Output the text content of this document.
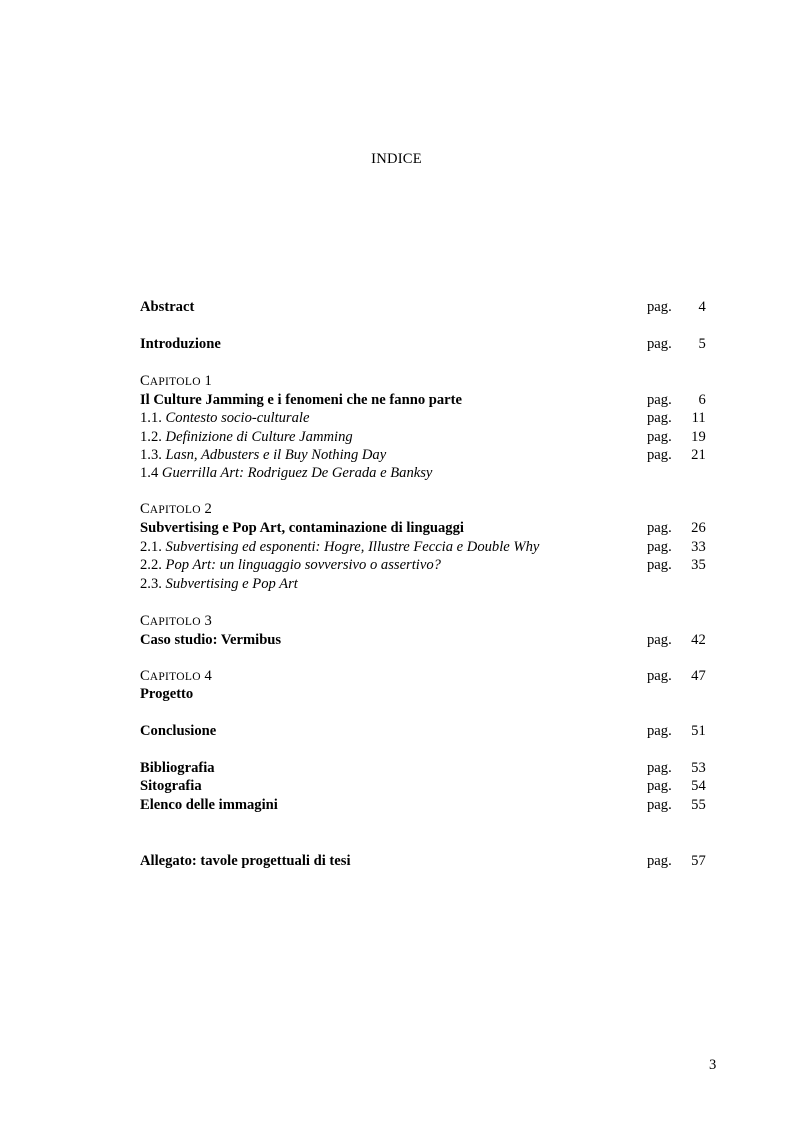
INDICE
Abstract	pag. 4
Introduzione	pag. 5
CAPITOLO 1
Il Culture Jamming e i fenomeni che ne fanno parte	pag. 6
1.1. Contesto socio-culturale	pag. 11
1.2. Definizione di Culture Jamming	pag. 19
1.3. Lasn, Adbusters e il Buy Nothing Day	pag. 21
1.4 Guerrilla Art: Rodriguez De Gerada e Banksy
CAPITOLO 2
Subvertising e Pop Art, contaminazione di linguaggi	pag. 26
2.1. Subvertising ed esponenti: Hogre, Illustre Feccia e Double Why	pag. 33
2.2. Pop Art: un linguaggio sovversivo o assertivo?	pag. 35
2.3. Subvertising e Pop Art
CAPITOLO 3
Caso studio: Vermibus	pag. 42
CAPITOLO 4	pag. 47
Progetto
Conclusione	pag. 51
Bibliografia	pag. 53
Sitografia	pag. 54
Elenco delle immagini	pag. 55
Allegato: tavole progettuali di tesi	pag. 57
3
